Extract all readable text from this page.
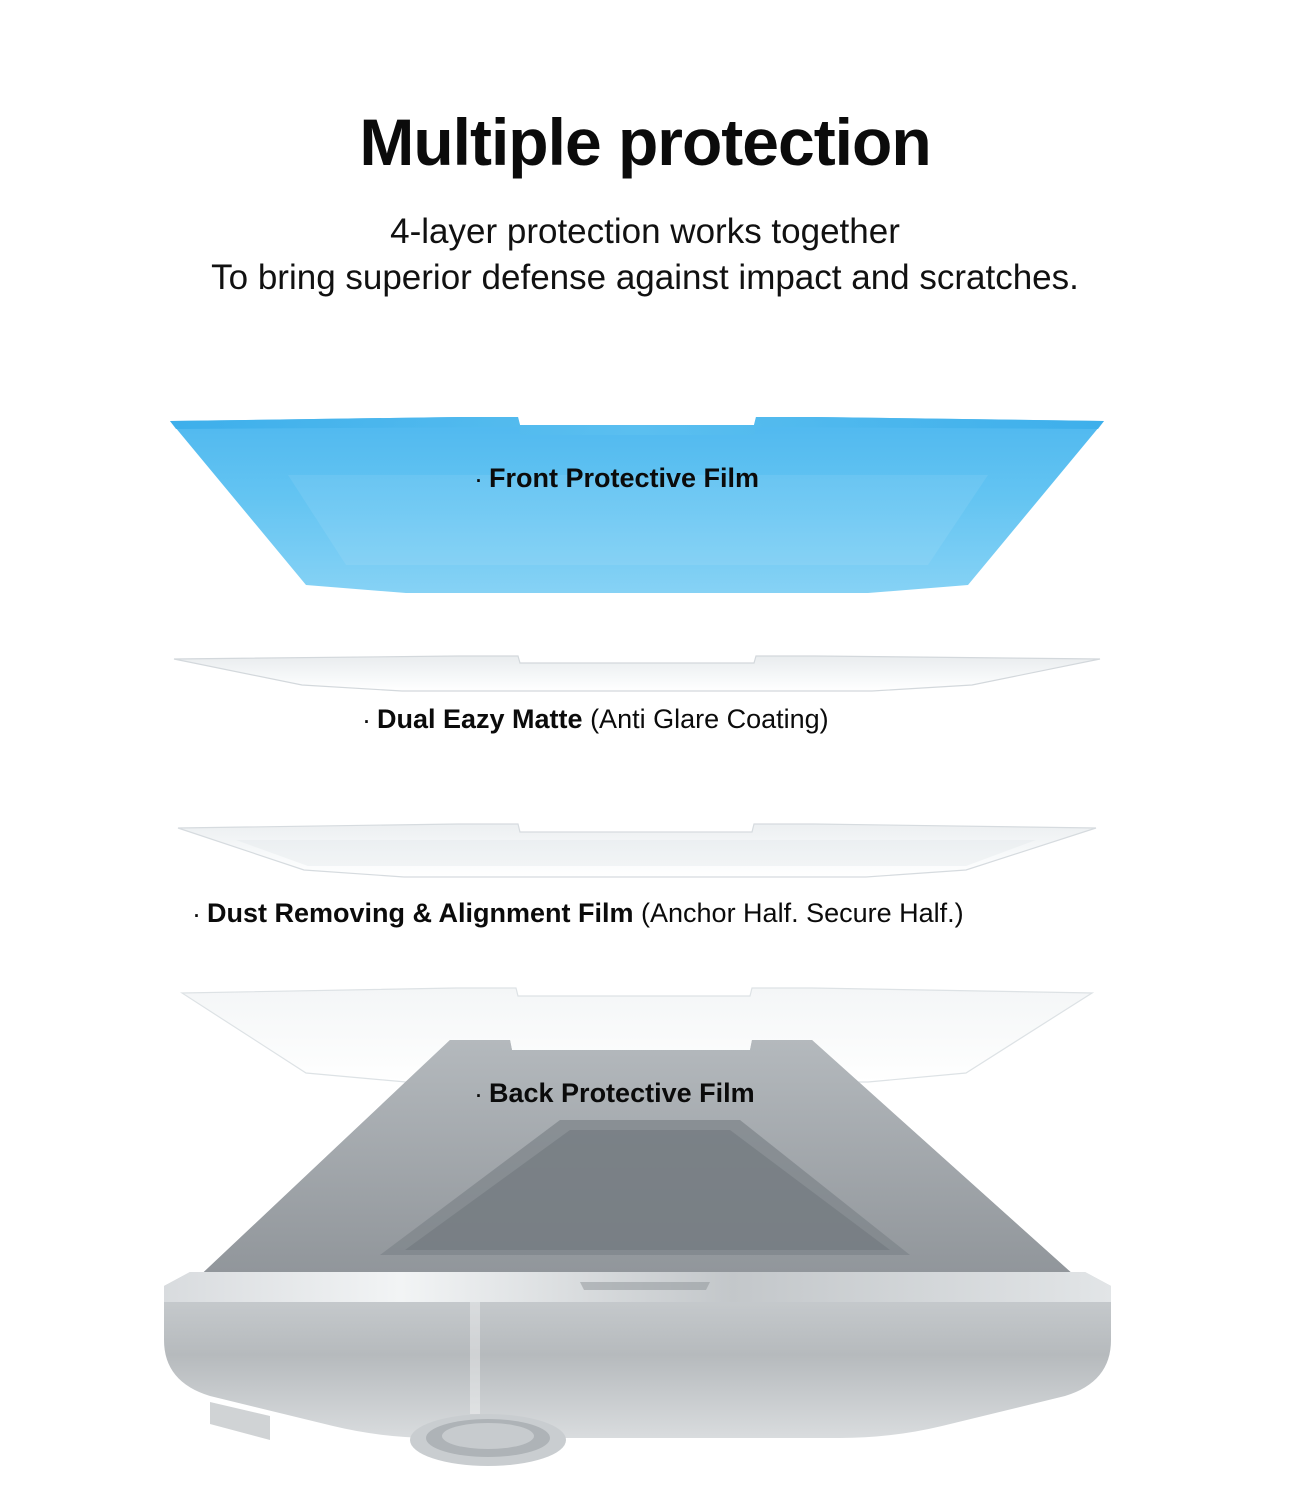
Multiple protection
4-layer protection works together
To bring superior defense against impact and scratches.
· Front Protective Film
· Dual Eazy Matte (Anti Glare Coating)
· Dust Removing & Alignment Film (Anchor Half. Secure Half.)
· Back Protective Film
